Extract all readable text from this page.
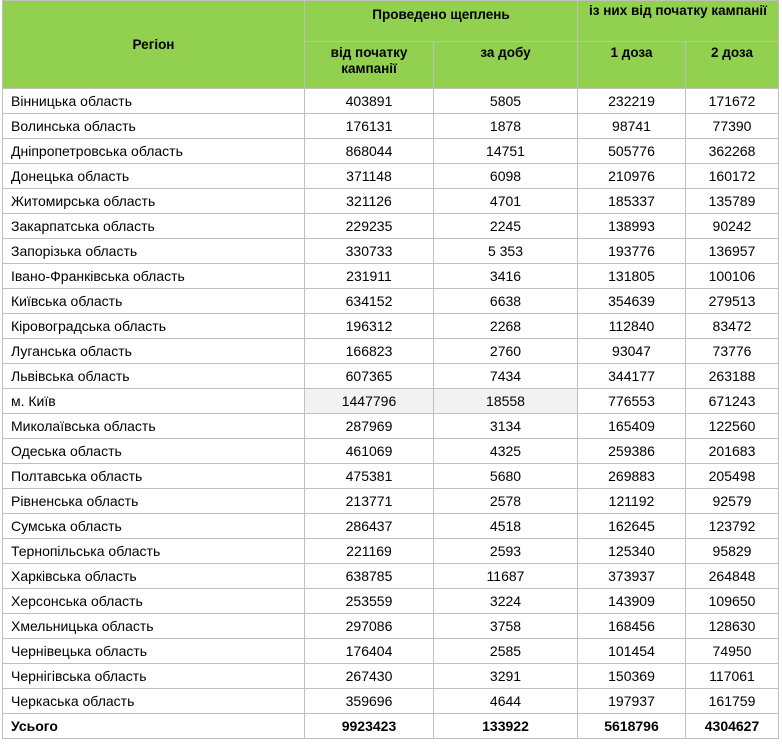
Регіон	Проведено щеплень		із них від початку кампанії	
	від початку кампанії	за добу	1 доза	2 доза
Вінницька область	403891	5805	232219	171672
Волинська область	176131	1878	98741	77390
Дніпропетровська область	868044	14751	505776	362268
Донецька область	371148	6098	210976	160172
Житомирська область	321126	4701	185337	135789
Закарпатська область	229235	2245	138993	90242
Запорізька область	330733	5 353	193776	136957
Івано-Франківська область	231911	3416	131805	100106
Київська область	634152	6638	354639	279513
Кіровоградська область	196312	2268	112840	83472
Луганська область	166823	2760	93047	73776
Львівська область	607365	7434	344177	263188
м. Київ	1447796	18558	776553	671243
Миколаївська область	287969	3134	165409	122560
Одеська область	461069	4325	259386	201683
Полтавська область	475381	5680	269883	205498
Рівненська область	213771	2578	121192	92579
Сумська область	286437	4518	162645	123792
Тернопільська область	221169	2593	125340	95829
Харківська область	638785	11687	373937	264848
Херсонська область	253559	3224	143909	109650
Хмельницька область	297086	3758	168456	128630
Чернівецька область	176404	2585	101454	74950
Чернігівська область	267430	3291	150369	117061
Черкаська область	359696	4644	197937	161759
Усього	9923423	133922	5618796	4304627
